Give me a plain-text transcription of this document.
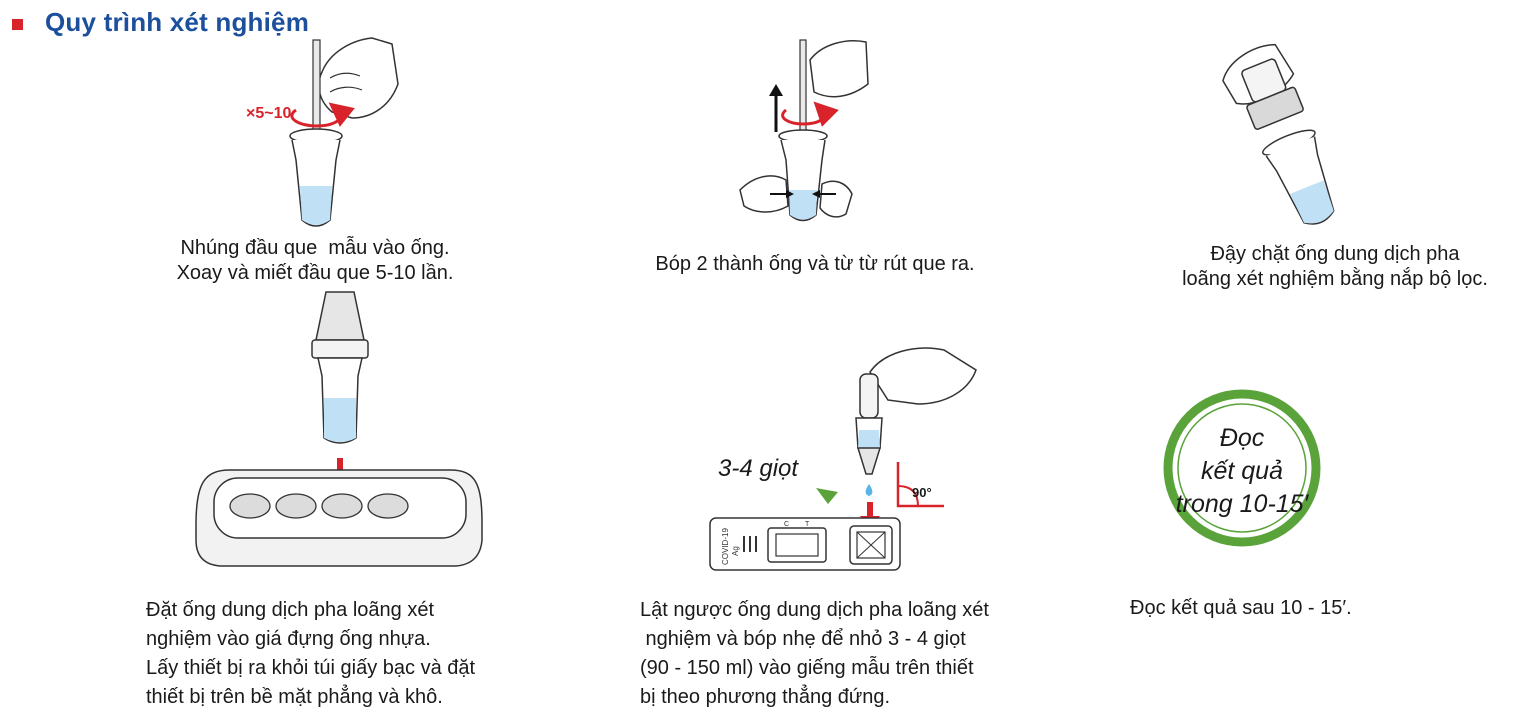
Quy trình xét nghiệm
×5~10
3-4 giọt
90°
COVID-19 Ag
C T
Đọc
kết quả
trong 10-15′
Nhúng đầu que  mẫu vào ống.
Xoay và miết đầu que 5-10 lần.	Bóp 2 thành ống và từ từ rút que ra.	Đậy chặt ống dung dịch pha
loãng xét nghiệm bằng nắp bộ lọc.
Đặt ống dung dịch pha loãng xét
nghiệm vào giá đựng ống nhựa.
Lấy thiết bị ra khỏi túi giấy bạc và đặt
thiết bị trên bề mặt phẳng và khô.
Lật ngược ống dung dịch pha loãng xét
nghiệm và bóp nhẹ để nhỏ 3 - 4 giọt
(90 - 150 ml) vào giếng mẫu trên thiết
bị theo phương thẳng đứng.
Đọc kết quả sau 10 - 15′.
